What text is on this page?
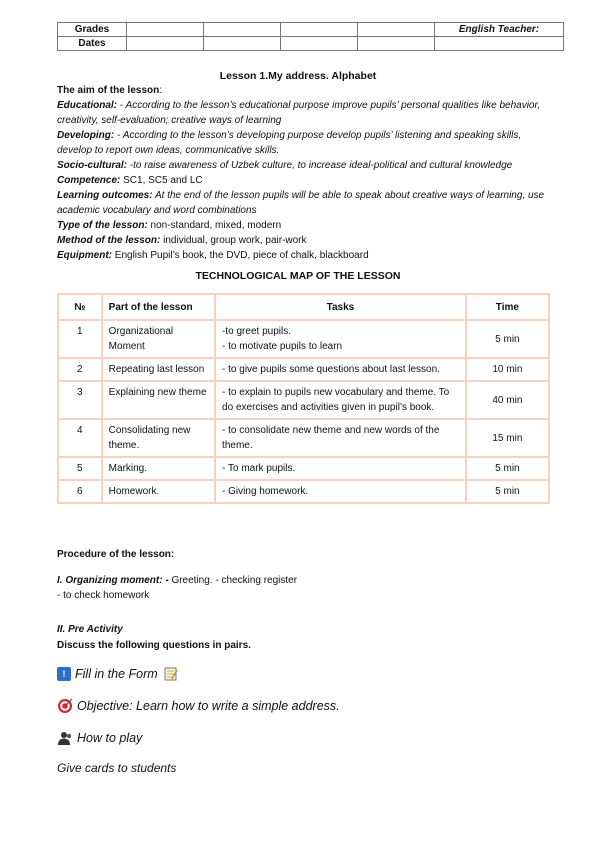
Grades					English Teacher:
Dates					
Lesson 1.My address. Alphabet

The aim of the lesson:

Educational: - According to the lesson’s educational purpose improve pupils’ personal qualities like behavior, creativity, self-evaluation; creative ways of learning

Developing: - According to the lesson’s developing purpose develop pupils’ listening and speaking skills, develop to report own ideas, communicative skills.

Socio-cultural: -to raise awareness of Uzbek culture, to increase ideal-political and cultural knowledge

Competence: SC1, SC5 and LC

Learning outcomes: At the end of the lesson pupils will be able to speak about creative ways of learning, use academic vocabulary and word combinations

Type of the lesson: non-standard, mixed, modern

Method of the lesson: individual, group work, pair-work

Equipment: English Pupil’s book, the DVD, piece of chalk, blackboard

TECHNOLOGICAL MAP OF THE LESSON
№	Part of the lesson	Tasks	Time
1	Organizational Moment	-to greet pupils.
- to motivate pupils to learn	5 min
2	Repeating last lesson	- to give pupils some questions about last lesson.	10 min
3	Explaining new theme	- to explain to pupils new vocabulary and theme. To do exercises and activities given in pupil’s book.	40 min
4	Consolidating new theme.	- to consolidate new theme and new words of the theme.	15 min
5	Marking.	- To mark pupils.	5 min
6	Homework.	- Giving homework.	5 min
Procedure of the lesson:
I. Organizing moment: - Greeting. - checking register
- to check homework
II. Pre Activity
Discuss the following questions in pairs.
! Fill in the Form
Objective: Learn how to write a simple address.
How to play
Give cards to students
